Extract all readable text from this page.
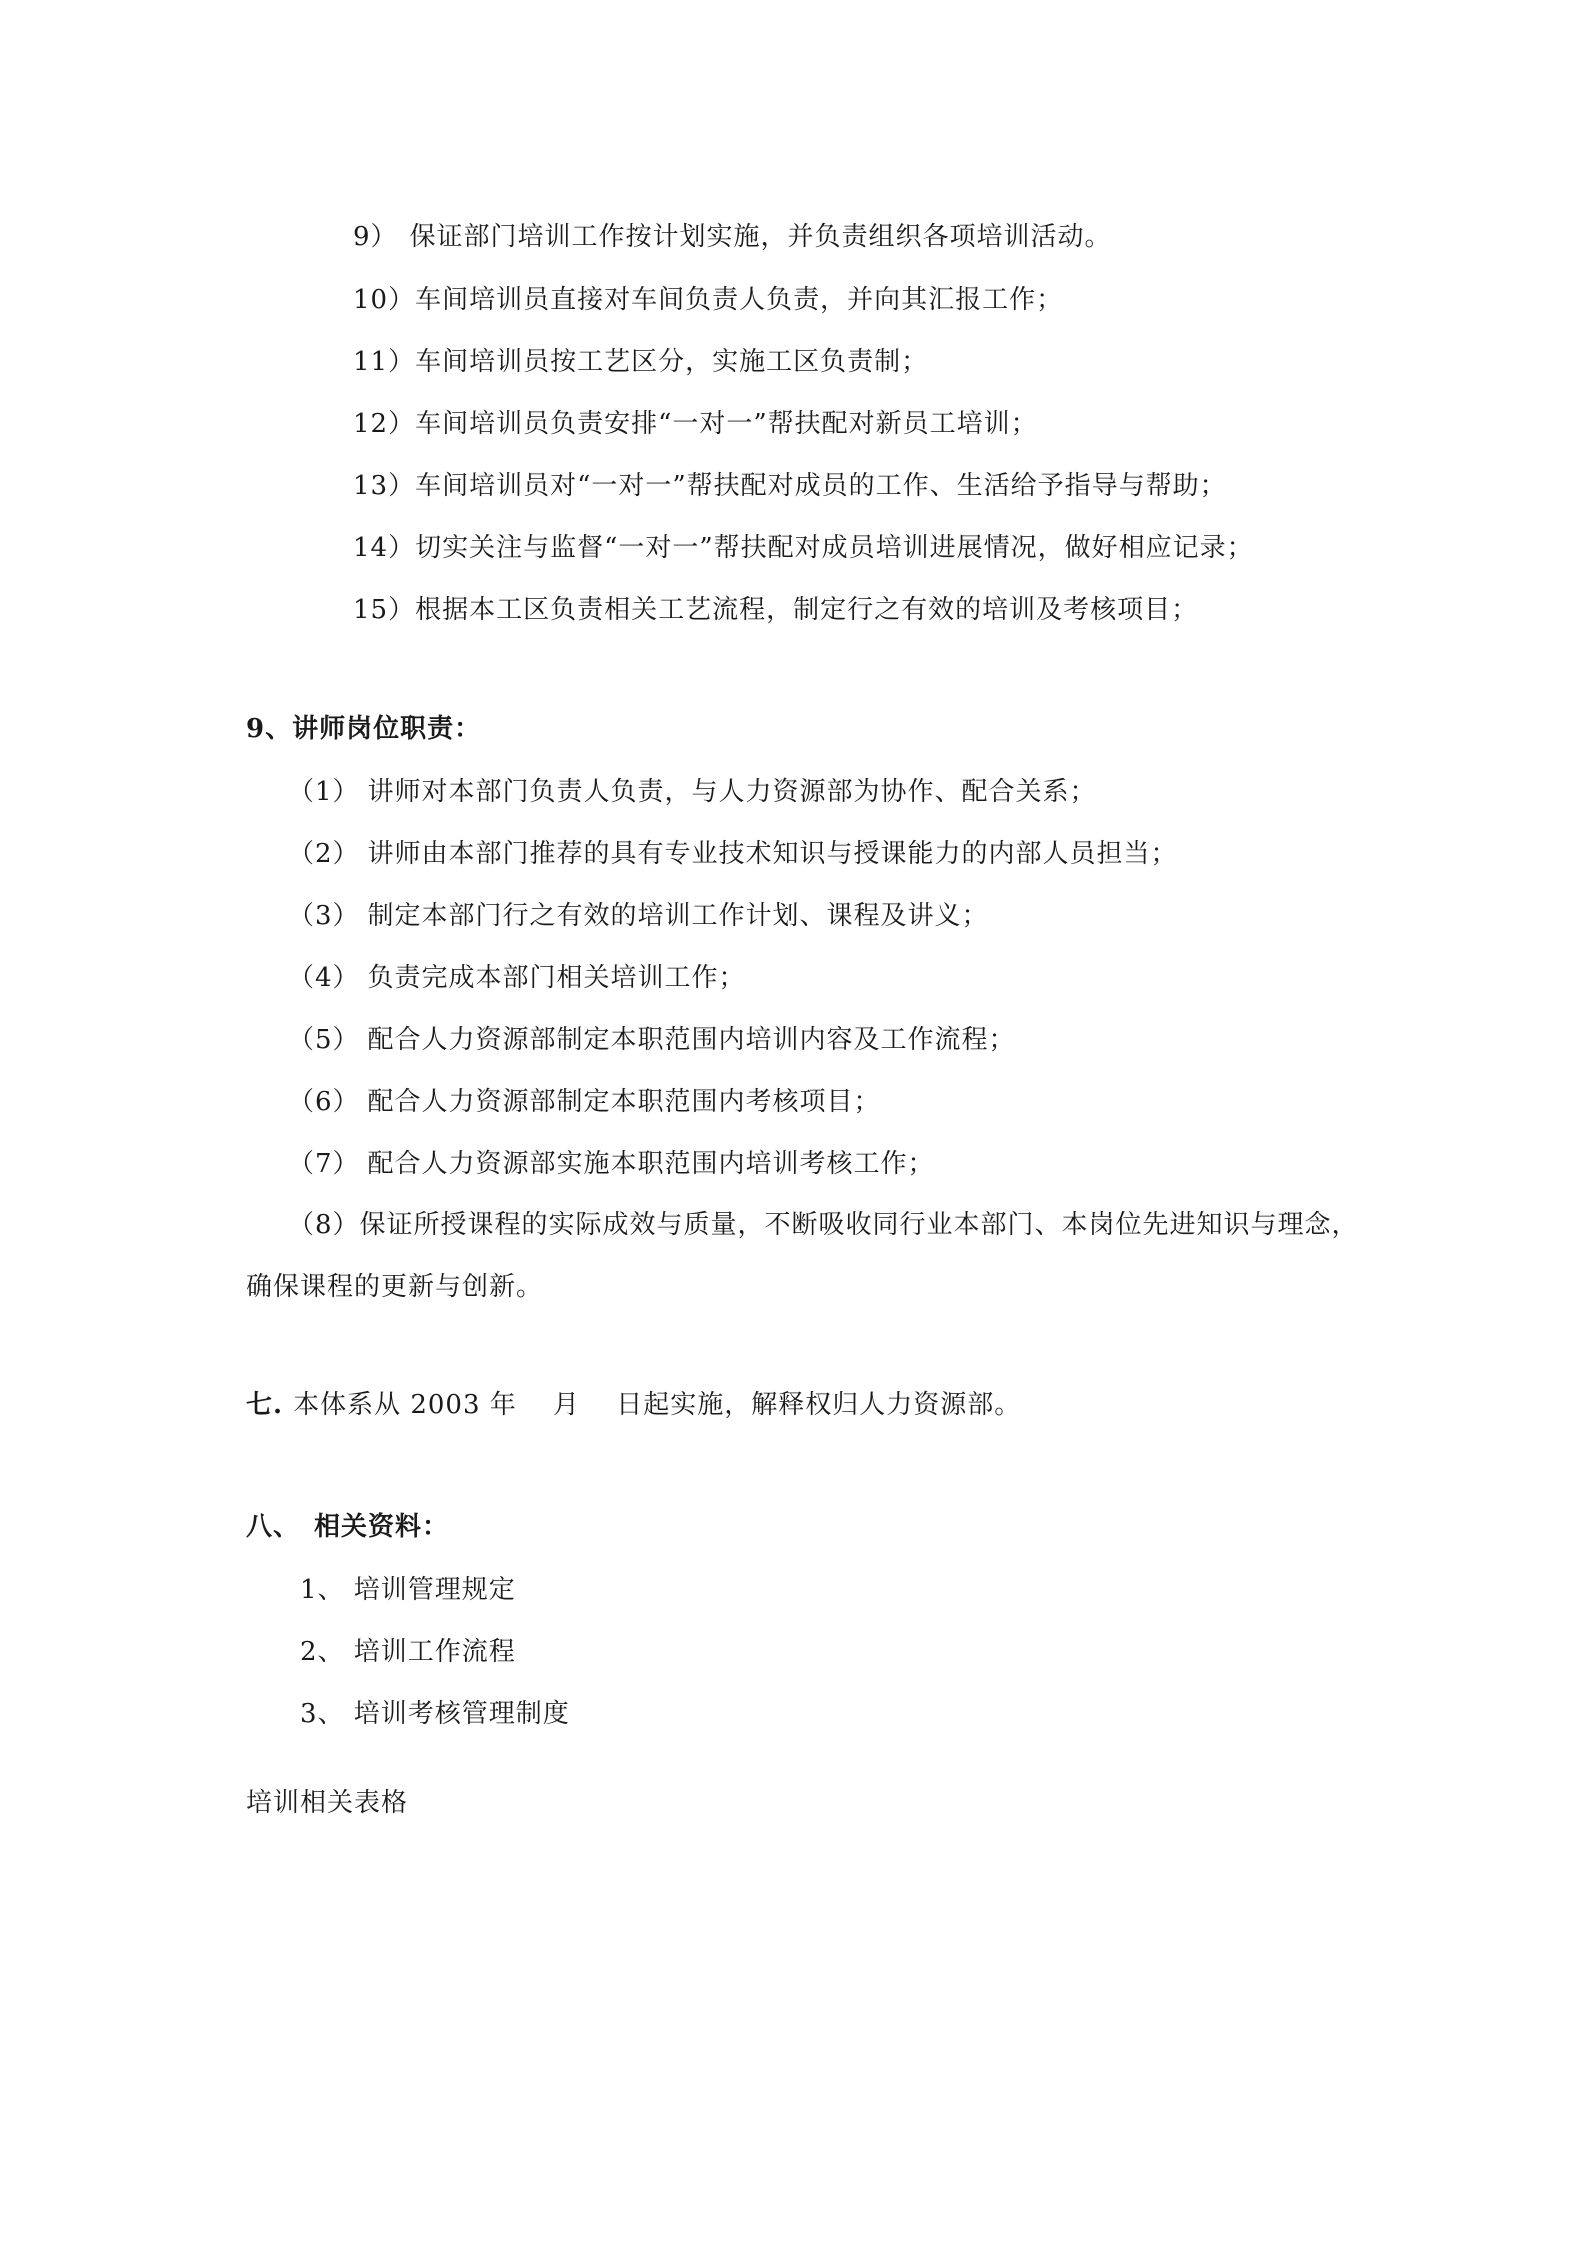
9） 保证部门培训工作按计划实施，并负责组织各项培训活动。
10）车间培训员直接对车间负责人负责，并向其汇报工作；
11）车间培训员按工艺区分，实施工区负责制；
12）车间培训员负责安排“一对一”帮扶配对新员工培训；
13）车间培训员对“一对一”帮扶配对成员的工作、生活给予指导与帮助；
14）切实关注与监督“一对一”帮扶配对成员培训进展情况，做好相应记录；
15）根据本工区负责相关工艺流程，制定行之有效的培训及考核项目；
9、讲师岗位职责：
（1） 讲师对本部门负责人负责，与人力资源部为协作、配合关系；
（2） 讲师由本部门推荐的具有专业技术知识与授课能力的内部人员担当；
（3） 制定本部门行之有效的培训工作计划、课程及讲义；
（4） 负责完成本部门相关培训工作；
（5） 配合人力资源部制定本职范围内培训内容及工作流程；
（6） 配合人力资源部制定本职范围内考核项目；
（7） 配合人力资源部实施本职范围内培训考核工作；
（8）保证所授课程的实际成效与质量，不断吸收同行业本部门、本岗位先进知识与理念，
确保课程的更新与创新。
七. 本体系从 2003 年　 月　 日起实施，解释权归人力资源部。
八、　相关资料：
1、 培训管理规定
2、 培训工作流程
3、 培训考核管理制度
培训相关表格
